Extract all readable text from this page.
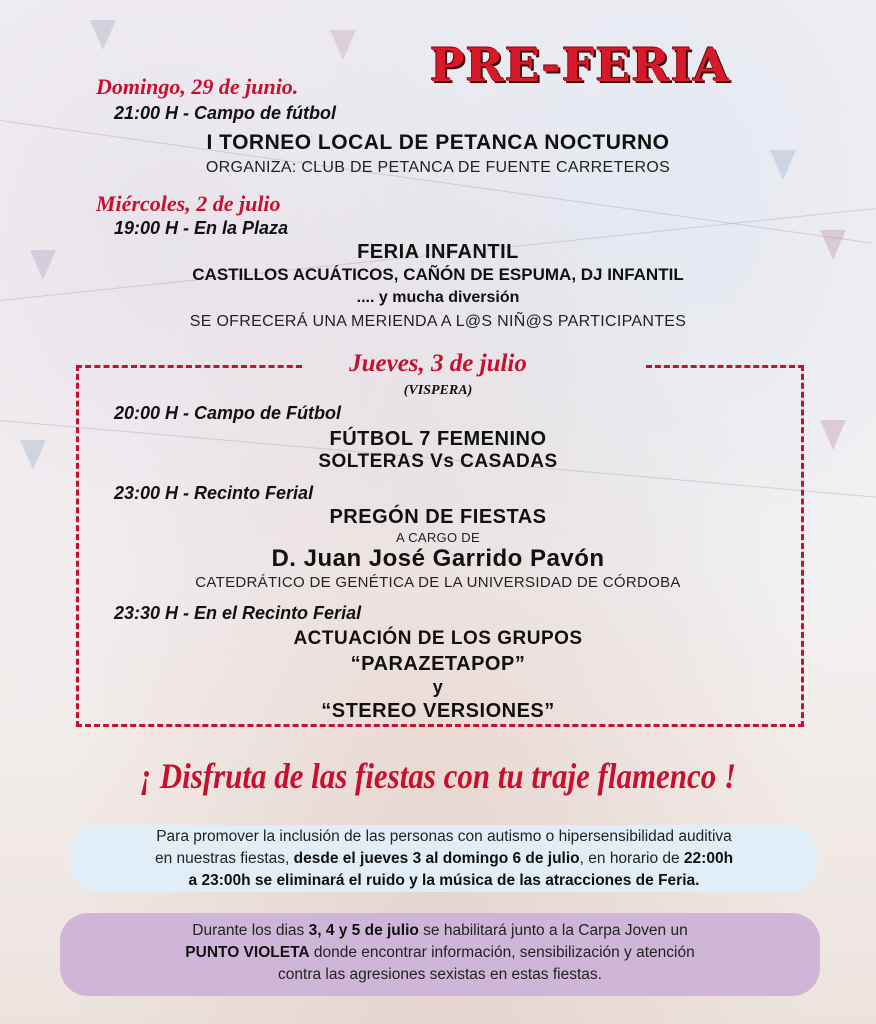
PRE-FERIA
Domingo, 29 de junio.
21:00 H - Campo de fútbol
I TORNEO LOCAL DE PETANCA NOCTURNO
ORGANIZA: CLUB DE PETANCA DE FUENTE CARRETEROS
Miércoles, 2 de julio
19:00 H - En la Plaza
FERIA INFANTIL
CASTILLOS ACUÁTICOS, CAÑÓN DE ESPUMA, DJ INFANTIL
.... y mucha diversión
SE OFRECERÁ UNA MERIENDA A L@S NIÑ@S PARTICIPANTES
Jueves, 3 de julio
(VISPERA)
20:00 H - Campo de Fútbol
FÚTBOL 7 FEMENINO
SOLTERAS Vs CASADAS
23:00 H - Recinto Ferial
PREGÓN DE FIESTAS
A CARGO DE
D. Juan José Garrido Pavón
CATEDRÁTICO DE GENÉTICA DE LA UNIVERSIDAD DE CÓRDOBA
23:30 H - En el Recinto Ferial
ACTUACIÓN DE LOS GRUPOS
“PARAZETAPOP”
y
“STEREO VERSIONES”
¡ Disfruta de las fiestas con tu traje flamenco !
Para promover la inclusión de las personas con autismo o hipersensibilidad auditiva
en nuestras fiestas, desde el jueves 3 al domingo 6 de julio, en horario de 22:00h
a 23:00h se eliminará el ruido y la música de las atracciones de Feria.
Durante los dias 3, 4 y 5 de julio se habilitará junto a la Carpa Joven un
PUNTO VIOLETA donde encontrar información, sensibilización y atención
contra las agresiones sexistas en estas fiestas.
